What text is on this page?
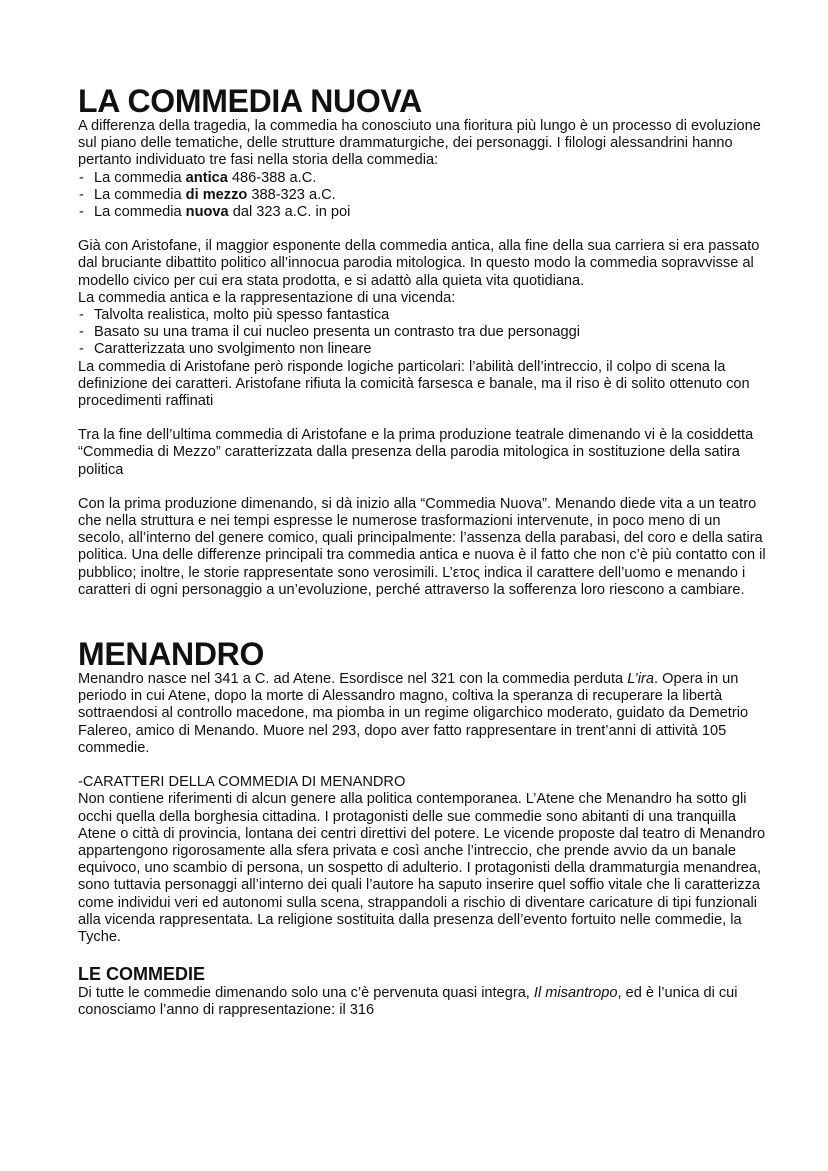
LA COMMEDIA NUOVA

A differenza della tragedia, la commedia ha conosciuto una fioritura più lungo è un processo di evoluzione sul piano delle tematiche, delle strutture drammaturgiche, dei personaggi. I filologi alessandrini hanno pertanto individuato tre fasi nella storia della commedia:

- La commedia antica 486-388 a.C.
- La commedia di mezzo 388-323 a.C.
- La commedia nuova dal 323 a.C. in poi

Già con Aristofane, il maggior esponente della commedia antica, alla fine della sua carriera si era passato dal bruciante dibattito politico all’innocua parodia mitologica. In questo modo la commedia sopravvisse al modello civico per cui era stata prodotta, e si adattò alla quieta vita quotidiana.

La commedia antica e la rappresentazione di una vicenda:

- Talvolta realistica, molto più spesso fantastica
- Basato su una trama il cui nucleo presenta un contrasto tra due personaggi
- Caratterizzata uno svolgimento non lineare

La commedia di Aristofane però risponde logiche particolari: l’abilità dell’intreccio, il colpo di scena la definizione dei caratteri. Aristofane rifiuta la comicità farsesca e banale, ma il riso è di solito ottenuto con procedimenti raffinati

Tra la fine dell’ultima commedia di Aristofane e la prima produzione teatrale dimenando vi è la cosiddetta “Commedia di Mezzo” caratterizzata dalla presenza della parodia mitologica in sostituzione della satira politica

Con la prima produzione dimenando, si dà inizio alla “Commedia Nuova”. Menando diede vita a un teatro che nella struttura e nei tempi espresse le numerose trasformazioni intervenute, in poco meno di un secolo, all’interno del genere comico, quali principalmente: l’assenza della parabasi, del coro e della satira politica. Una delle differenze principali tra commedia antica e nuova è il fatto che non c’è più contatto con il pubblico; inoltre, le storie rappresentate sono verosimili. L’ετος indica il carattere dell’uomo e menando i caratteri di ogni personaggio a un’evoluzione, perché attraverso la sofferenza loro riescono a cambiare.

MENANDRO

Menandro nasce nel 341 a C. ad Atene. Esordisce nel 321 con la commedia perduta L’ira. Opera in un periodo in cui Atene, dopo la morte di Alessandro magno, coltiva la speranza di recuperare la libertà sottraendosi al controllo macedone, ma piomba in un regime oligarchico moderato, guidato da Demetrio Falereo, amico di Menando. Muore nel 293, dopo aver fatto rappresentare in trent’anni di attività 105 commedie.

-CARATTERI DELLA COMMEDIA DI MENANDRO

Non contiene riferimenti di alcun genere alla politica contemporanea. L’Atene che Menandro ha sotto gli occhi quella della borghesia cittadina. I protagonisti delle sue commedie sono abitanti di una tranquilla Atene o città di provincia, lontana dei centri direttivi del potere. Le vicende proposte dal teatro di Menandro appartengono rigorosamente alla sfera privata e così anche l’intreccio, che prende avvio da un banale equivoco, uno scambio di persona, un sospetto di adulterio. I protagonisti della drammaturgia menandrea, sono tuttavia personaggi all’interno dei quali l’autore ha saputo inserire quel soffio vitale che li caratterizza come individui veri ed autonomi sulla scena, strappandoli a rischio di diventare caricature di tipi funzionali alla vicenda rappresentata. La religione sostituita dalla presenza dell’evento fortuito nelle commedie, la Tyche.

LE COMMEDIE

Di tutte le commedie dimenando solo una c’è pervenuta quasi integra, Il misantropo, ed è l’unica di cui conosciamo l’anno di rappresentazione: il 316
